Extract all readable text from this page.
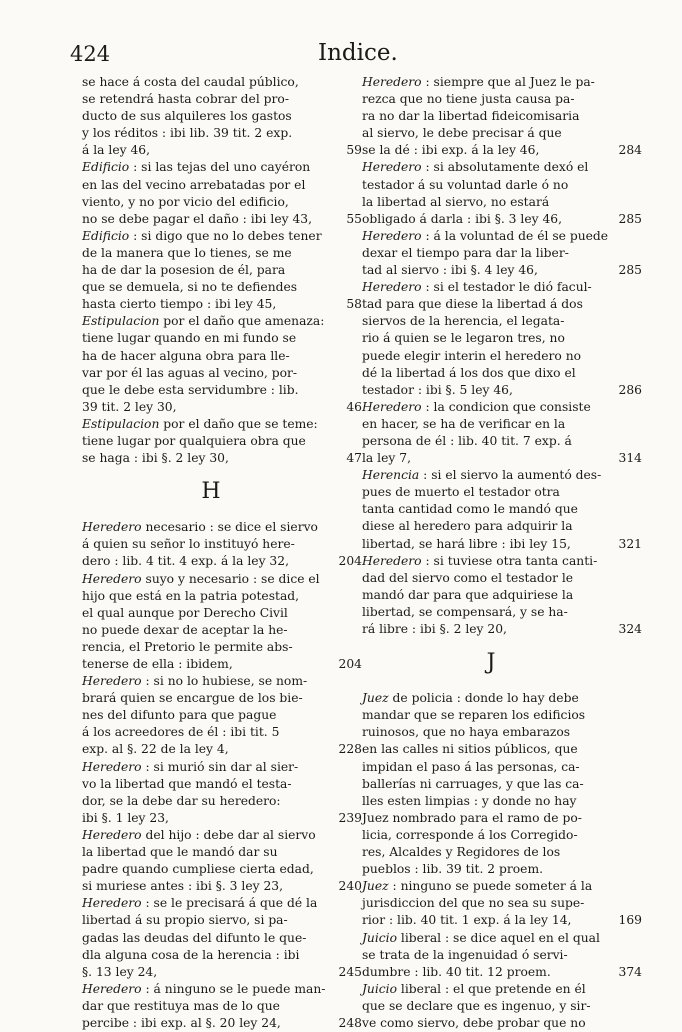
424	Indice.

se hace á costa del caudal público,

se retendrá hasta cobrar del pro-

ducto de sus alquileres los gastos

y los réditos : ibi lib. 39 tit. 2 exp.

á la ley 46,	59

Edificio : si las tejas del uno cayéron

en las del vecino arrebatadas por el

viento, y no por vicio del edificio,

no se debe pagar el daño : ibi ley 43,	55

Edificio : si digo que no lo debes tener

de la manera que lo tienes, se me

ha de dar la posesion de él, para

que se demuela, si no te defiendes

hasta cierto tiempo : ibi ley 45,	58

Estipulacion por el daño que amenaza:

tiene lugar quando en mi fundo se

ha de hacer alguna obra para lle-

var por él las aguas al vecino, por-

que le debe esta servidumbre : lib.

39 tit. 2 ley 30,	46

Estipulacion por el daño que se teme:

tiene lugar por qualquiera obra que

se haga : ibi §. 2 ley 30,	47
H

Heredero necesario : se dice el siervo

á quien su señor lo instituyó here-

dero : lib. 4 tit. 4 exp. á la ley 32,	204

Heredero suyo y necesario : se dice el

hijo que está en la patria potestad,

el qual aunque por Derecho Civil

no puede dexar de aceptar la he-

rencia, el Pretorio le permite abs-

tenerse de ella : ibidem,	204

Heredero : si no lo hubiese, se nom-

brará quien se encargue de los bie-

nes del difunto para que pague

á los acreedores de él : ibi tit. 5

exp. al §. 22 de la ley 4,	228

Heredero : si murió sin dar al sier-

vo la libertad que mandó el testa-

dor, se la debe dar su heredero:

ibi §. 1 ley 23,	239

Heredero del hijo : debe dar al siervo

la libertad que le mandó dar su

padre quando cumpliese cierta edad,

si muriese antes : ibi §. 3 ley 23,	240

Heredero : se le precisará á que dé la

libertad á su propio siervo, si pa-

gadas las deudas del difunto le que-

dla alguna cosa de la herencia : ibi

§. 13 ley 24,	245

Heredero : á ninguno se le puede man-

dar que restituya mas de lo que

percibe : ibi exp. al §. 20 ley 24,	248

Heredero : siempre que al Juez le pa-

rezca que no tiene justa causa pa-

ra no dar la libertad fideicomisaria

al siervo, le debe precisar á que

se la dé : ibi exp. á la ley 46,	284

Heredero : si absolutamente dexó el

testador á su voluntad darle ó no

la libertad al siervo, no estará

obligado á darla : ibi §. 3 ley 46,	285

Heredero : á la voluntad de él se puede

dexar el tiempo para dar la liber-

tad al siervo : ibi §. 4 ley 46,	285

Heredero : si el testador le dió facul-

tad para que diese la libertad á dos

siervos de la herencia, el legata-

rio á quien se le legaron tres, no

puede elegir interin el heredero no

dé la libertad á los dos que dixo el

testador : ibi §. 5 ley 46,	286

Heredero : la condicion que consiste

en hacer, se ha de verificar en la

persona de él : lib. 40 tit. 7 exp. á

la ley 7,	314

Herencia : si el siervo la aumentó des-

pues de muerto el testador otra

tanta cantidad como le mandó que

diese al heredero para adquirir la

libertad, se hará libre : ibi ley 15,	321

Heredero : si tuviese otra tanta canti-

dad del siervo como el testador le

mandó dar para que adquiriese la

libertad, se compensará, y se ha-

rá libre : ibi §. 2 ley 20,	324
J

Juez de policia : donde lo hay debe

mandar que se reparen los edificios

ruinosos, que no haya embarazos

en las calles ni sitios públicos, que

impidan el paso á las personas, ca-

ballerías ni carruages, y que las ca-

lles esten limpias : y donde no hay

Juez nombrado para el ramo de po-

licia, corresponde á los Corregido-

res, Alcaldes y Regidores de los

pueblos : lib. 39 tit. 2 proem.

Juez : ninguno se puede someter á la

jurisdiccion del que no sea su supe-

rior : lib. 40 tit. 1 exp. á la ley 14,	169

Juicio liberal : se dice aquel en el qual

se trata de la ingenuidad ó servi-

dumbre : lib. 40 tit. 12 proem.	374

Juicio liberal : el que pretende en él

que se declare que es ingenuo, y sir-

ve como siervo, debe probar que no
